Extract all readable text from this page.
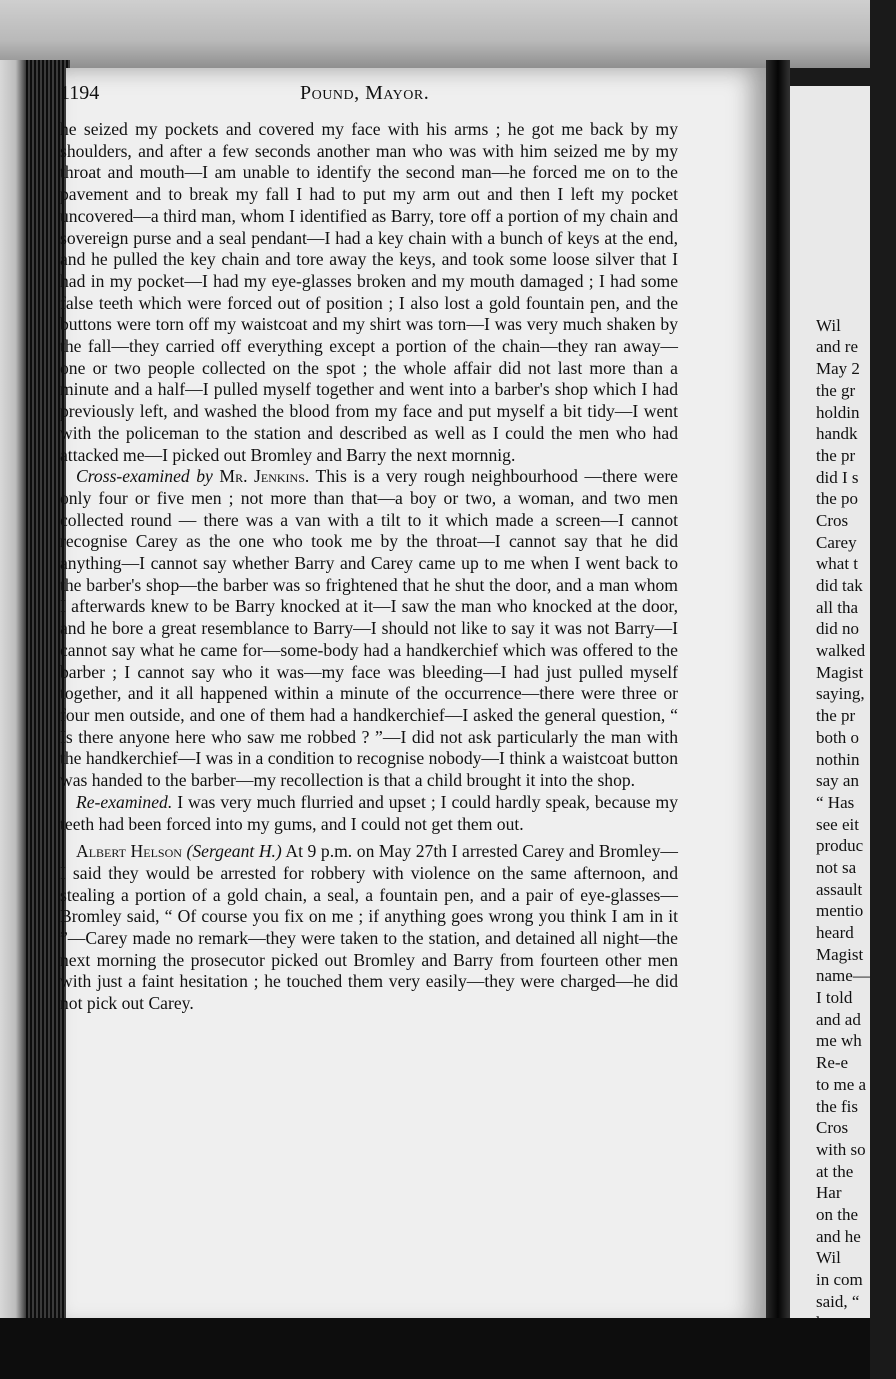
1194	Pound, Mayor.

he seized my pockets and covered my face with his arms ; he got me back by my shoulders, and after a few seconds another man who was with him seized me by my throat and mouth—I am unable to identify the second man—he forced me on to the pavement and to break my fall I had to put my arm out and then I left my pocket uncovered—a third man, whom I identified as Barry, tore off a portion of my chain and sovereign purse and a seal pendant—I had a key chain with a bunch of keys at the end, and he pulled the key chain and tore away the keys, and took some loose silver that I had in my pocket—I had my eye-glasses broken and my mouth damaged ; I had some false teeth which were forced out of position ; I also lost a gold fountain pen, and the buttons were torn off my waistcoat and my shirt was torn—I was very much shaken by the fall—they carried off everything except a portion of the chain—they ran away—one or two people collected on the spot ; the whole affair did not last more than a minute and a half—I pulled myself together and went into a barber's shop which I had previously left, and washed the blood from my face and put myself a bit tidy—I went with the policeman to the station and described as well as I could the men who had attacked me—I picked out Bromley and Barry the next mornnig.

Cross-examined by Mr. Jenkins. This is a very rough neighbourhood —there were only four or five men ; not more than that—a boy or two, a woman, and two men collected round — there was a van with a tilt to it which made a screen—I cannot recognise Carey as the one who took me by the throat—I cannot say that he did anything—I cannot say whether Barry and Carey came up to me when I went back to the barber's shop—the barber was so frightened that he shut the door, and a man whom I afterwards knew to be Barry knocked at it—I saw the man who knocked at the door, and he bore a great resemblance to Barry—I should not like to say it was not Barry—I cannot say what he came for—some-body had a handkerchief which was offered to the barber ; I cannot say who it was—my face was bleeding—I had just pulled myself together, and it all happened within a minute of the occurrence—there were three or four men outside, and one of them had a handkerchief—I asked the general question, “ Is there anyone here who saw me robbed ? ”—I did not ask particularly the man with the handkerchief—I was in a condition to recognise nobody—I think a waistcoat button was handed to the barber—my recollection is that a child brought it into the shop.

Re-examined. I was very much flurried and upset ; I could hardly speak, because my teeth had been forced into my gums, and I could not get them out.

Albert Helson (Sergeant H.) At 9 p.m. on May 27th I arrested Carey and Bromley—I said they would be arrested for robbery with violence on the same afternoon, and stealing a portion of a gold chain, a seal, a fountain pen, and a pair of eye-glasses—Bromley said, “ Of course you fix on me ; if anything goes wrong you think I am in it ”—Carey made no remark—they were taken to the station, and detained all night—the next morning the prosecutor picked out Bromley and Barry from fourteen other men with just a faint hesitation ; he touched them very easily—they were charged—he did not pick out Carey.

Wil
and re
May 2
the gr
holdin
handk
the pr
did I s
the po
Cros
Carey
what t
did tak
all tha
did no
walked
Magist
saying,
the pr
both o
nothin
say an
“ Has
see eit
produc
not sa
assault
mentio
heard
Magist
name—
I told
and ad
me wh
Re-e
to me a
the fis
Cros
with so
at the
Har
on the
and he
Wil
in com
said, “
